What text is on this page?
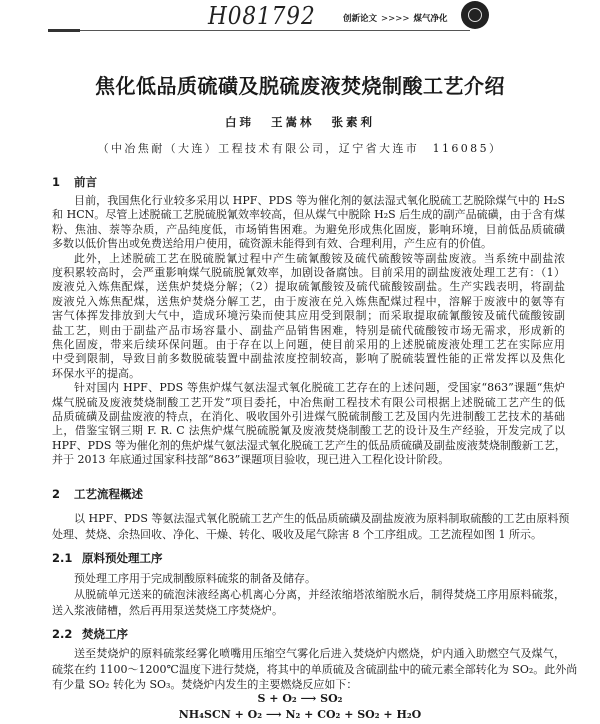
H081792	创新论文 >>>> 煤气净化
焦化低品质硫磺及脱硫废液焚烧制酸工艺介绍
白玮 王嵩林 张素利
（中冶焦耐（大连）工程技术有限公司，辽宁省大连市　116085）
1 前言
目前，我国焦化行业较多采用以 HPF、PDS 等为催化剂的氨法湿式氧化脱硫工艺脱除煤气中的 H₂S
和 HCN。尽管上述脱硫工艺脱硫脱氰效率较高，但从煤气中脱除 H₂S 后生成的副产品硫磺，由于含有煤
粉、焦油、萘等杂质，产品纯度低，市场销售困难。为避免形成焦化固废，影响环境，目前低品质硫磺
多数以低价售出或免费送给用户使用，硫资源未能得到有效、合理利用，产生应有的价值。
此外，上述脱硫工艺在脱硫脱氰过程中产生硫氰酸铵及硫代硫酸铵等副盐废液。当系统中副盐浓
度积累较高时，会严重影响煤气脱硫脱氰效率，加剧设备腐蚀。目前采用的副盐废液处理工艺有：（1）
废液兑入炼焦配煤，送焦炉焚烧分解；（2）提取硫氰酸铵及硫代硫酸铵副盐。生产实践表明，将副盐
废液兑入炼焦配煤，送焦炉焚烧分解工艺，由于废液在兑入炼焦配煤过程中，溶解于废液中的氨等有
害气体挥发排放到大气中，造成环境污染而使其应用受到限制；而采取提取硫氰酸铵及硫代硫酸铵副
盐工艺，则由于副盐产品市场容量小、副盐产品销售困难，特别是硫代硫酸铵市场无需求，形成新的
焦化固废，带来后续环保问题。由于存在以上问题，使目前采用的上述脱硫废液处理工艺在实际应用
中受到限制，导致目前多数脱硫装置中副盐浓度控制较高，影响了脱硫装置性能的正常发挥以及焦化
环保水平的提高。
针对国内 HPF、PDS 等焦炉煤气氨法湿式氧化脱硫工艺存在的上述问题，受国家“863”课题“焦炉
煤气脱硫及废液焚烧制酸工艺开发”项目委托，中冶焦耐工程技术有限公司根据上述脱硫工艺产生的低
品质硫磺及副盐废液的特点，在消化、吸收国外引进煤气脱硫制酸工艺及国内先进制酸工艺技术的基础
上，借鉴宝钢三期 F. R. C 法焦炉煤气脱硫脱氰及废液焚烧制酸工艺的设计及生产经验，开发完成了以
HPF、PDS 等为催化剂的焦炉煤气氨法湿式氧化脱硫工艺产生的低品质硫磺及副盐废液焚烧制酸新工艺，
并于 2013 年底通过国家科技部“863”课题项目验收，现已进入工程化设计阶段。
2 工艺流程概述
以 HPF、PDS 等氨法湿式氧化脱硫工艺产生的低品质硫磺及副盐废液为原料制取硫酸的工艺由原料预
处理、焚烧、余热回收、净化、干燥、转化、吸收及尾气除害 8 个工序组成。工艺流程如图 1 所示。
2.1 原料预处理工序
预处理工序用于完成制酸原料硫浆的制备及储存。
从脱硫单元送来的硫泡沫液经离心机离心分离，并经浓缩塔浓缩脱水后，制得焚烧工序用原料硫浆，
送入浆液储槽，然后再用泵送焚烧工序焚烧炉。
2.2 焚烧工序
送至焚烧炉的原料硫浆经雾化喷嘴用压缩空气雾化后进入焚烧炉内燃烧，炉内通入助燃空气及煤气，
硫浆在约 1100～1200℃温度下进行焚烧，将其中的单质硫及含硫副盐中的硫元素全部转化为 SO₂。此外尚
有少量 SO₂ 转化为 SO₃。焚烧炉内发生的主要燃烧反应如下：
S + O₂ ⟶ SO₂
NH₄SCN + O₂ ⟶ N₂ + CO₂ + SO₂ + H₂O
